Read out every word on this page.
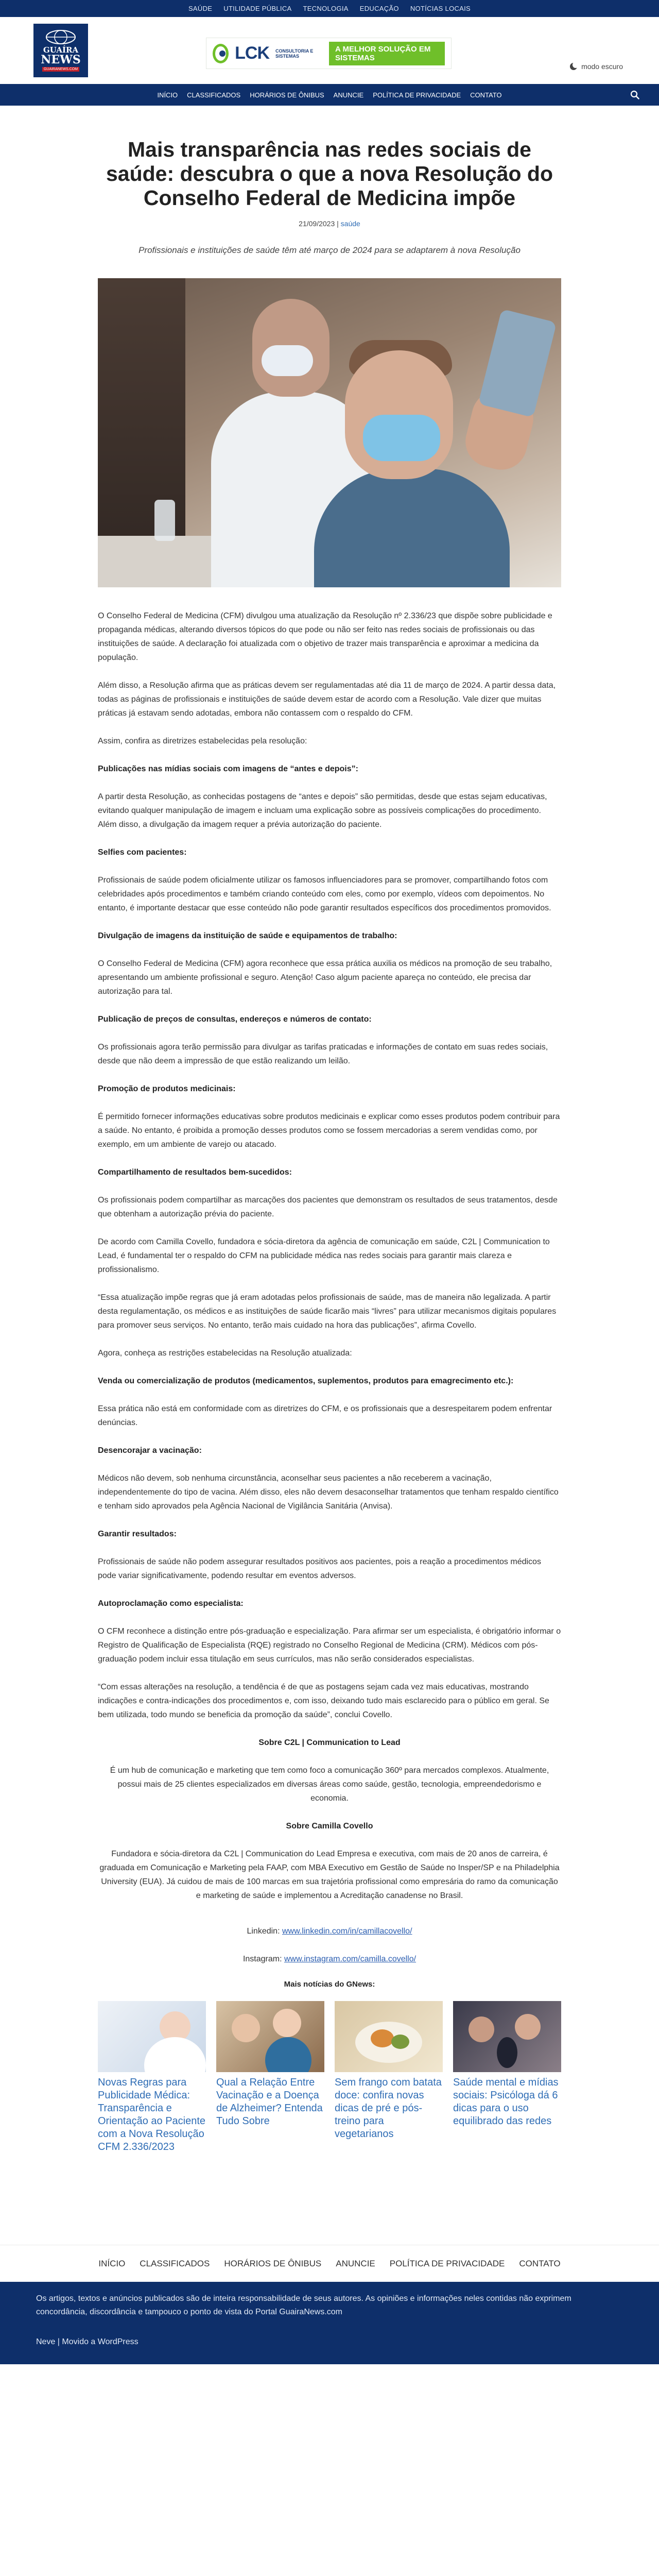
SAÚDE UTILIDADE PÚBLICA TECNOLOGIA EDUCAÇÃO NOTÍCIAS LOCAIS
GUAÍRA
NEWS
GUAIRANEWS.COM
LCK CONSULTORIA E SISTEMAS
A MELHOR SOLUÇÃO EM SISTEMAS
modo escuro
INÍCIO CLASSIFICADOS HORÁRIOS DE ÔNIBUS ANUNCIE POLÍTICA DE PRIVACIDADE CONTATO
Mais transparência nas redes sociais de saúde: descubra o que a nova Resolução do Conselho Federal de Medicina impõe
21/09/2023 | saúde

Profissionais e instituições de saúde têm até março de 2024 para se adaptarem à nova Resolução

O Conselho Federal de Medicina (CFM) divulgou uma atualização da Resolução nº 2.336/23 que dispõe sobre publicidade e propaganda médicas, alterando diversos tópicos do que pode ou não ser feito nas redes sociais de profissionais ou das instituições de saúde. A declaração foi atualizada com o objetivo de trazer mais transparência e aproximar a medicina da população.

Além disso, a Resolução afirma que as práticas devem ser regulamentadas até dia 11 de março de 2024. A partir dessa data, todas as páginas de profissionais e instituições de saúde devem estar de acordo com a Resolução. Vale dizer que muitas práticas já estavam sendo adotadas, embora não contassem com o respaldo do CFM.

Assim, confira as diretrizes estabelecidas pela resolução:

Publicações nas mídias sociais com imagens de “antes e depois”:

A partir desta Resolução, as conhecidas postagens de “antes e depois” são permitidas, desde que estas sejam educativas, evitando qualquer manipulação de imagem e incluam uma explicação sobre as possíveis complicações do procedimento. Além disso, a divulgação da imagem requer a prévia autorização do paciente.

Selfies com pacientes:

Profissionais de saúde podem oficialmente utilizar os famosos influenciadores para se promover, compartilhando fotos com celebridades após procedimentos e também criando conteúdo com eles, como por exemplo, vídeos com depoimentos. No entanto, é importante destacar que esse conteúdo não pode garantir resultados específicos dos procedimentos promovidos.

Divulgação de imagens da instituição de saúde e equipamentos de trabalho:

O Conselho Federal de Medicina (CFM) agora reconhece que essa prática auxilia os médicos na promoção de seu trabalho, apresentando um ambiente profissional e seguro. Atenção! Caso algum paciente apareça no conteúdo, ele precisa dar autorização para tal.

Publicação de preços de consultas, endereços e números de contato:

Os profissionais agora terão permissão para divulgar as tarifas praticadas e informações de contato em suas redes sociais, desde que não deem a impressão de que estão realizando um leilão.

Promoção de produtos medicinais:

É permitido fornecer informações educativas sobre produtos medicinais e explicar como esses produtos podem contribuir para a saúde. No entanto, é proibida a promoção desses produtos como se fossem mercadorias a serem vendidas como, por exemplo, em um ambiente de varejo ou atacado.

Compartilhamento de resultados bem-sucedidos:

Os profissionais podem compartilhar as marcações dos pacientes que demonstram os resultados de seus tratamentos, desde que obtenham a autorização prévia do paciente.

De acordo com Camilla Covello, fundadora e sócia-diretora da agência de comunicação em saúde, C2L | Communication to Lead, é fundamental ter o respaldo do CFM na publicidade médica nas redes sociais para garantir mais clareza e profissionalismo.

“Essa atualização impõe regras que já eram adotadas pelos profissionais de saúde, mas de maneira não legalizada. A partir desta regulamentação, os médicos e as instituições de saúde ficarão mais “livres” para utilizar mecanismos digitais populares para promover seus serviços. No entanto, terão mais cuidado na hora das publicações”, afirma Covello.

Agora, conheça as restrições estabelecidas na Resolução atualizada:

Venda ou comercialização de produtos (medicamentos, suplementos, produtos para emagrecimento etc.):

Essa prática não está em conformidade com as diretrizes do CFM, e os profissionais que a desrespeitarem podem enfrentar denúncias.

Desencorajar a vacinação:

Médicos não devem, sob nenhuma circunstância, aconselhar seus pacientes a não receberem a vacinação, independentemente do tipo de vacina. Além disso, eles não devem desaconselhar tratamentos que tenham respaldo científico e tenham sido aprovados pela Agência Nacional de Vigilância Sanitária (Anvisa).

Garantir resultados:

Profissionais de saúde não podem assegurar resultados positivos aos pacientes, pois a reação a procedimentos médicos pode variar significativamente, podendo resultar em eventos adversos.

Autoproclamação como especialista:

O CFM reconhece a distinção entre pós-graduação e especialização. Para afirmar ser um especialista, é obrigatório informar o Registro de Qualificação de Especialista (RQE) registrado no Conselho Regional de Medicina (CRM). Médicos com pós-graduação podem incluir essa titulação em seus currículos, mas não serão considerados especialistas.

“Com essas alterações na resolução, a tendência é de que as postagens sejam cada vez mais educativas, mostrando indicações e contra-indicações dos procedimentos e, com isso, deixando tudo mais esclarecido para o público em geral. Se bem utilizada, todo mundo se beneficia da promoção da saúde”, conclui Covello.

Sobre C2L | Communication to Lead

É um hub de comunicação e marketing que tem como foco a comunicação 360º para mercados complexos. Atualmente, possui mais de 25 clientes especializados em diversas áreas como saúde, gestão, tecnologia, empreendedorismo e economia.

Sobre Camilla Covello

Fundadora e sócia-diretora da C2L | Communication do Lead Empresa e executiva, com mais de 20 anos de carreira, é graduada em Comunicação e Marketing pela FAAP, com MBA Executivo em Gestão de Saúde no Insper/SP e na Philadelphia University (EUA). Já cuidou de mais de 100 marcas em sua trajetória profissional como empresária do ramo da comunicação e marketing de saúde e implementou a Acreditação canadense no Brasil.

Linkedin: www.linkedin.com/in/camillacovello/

Instagram: www.instagram.com/camilla.covello/

Mais notícias do GNews:
Novas Regras para Publicidade Médica: Transparência e Orientação ao Paciente com a Nova Resolução CFM 2.336/2023
Qual a Relação Entre Vacinação e a Doença de Alzheimer? Entenda Tudo Sobre
Sem frango com batata doce: confira novas dicas de pré e pós-treino para vegetarianos
Saúde mental e mídias sociais: Psicóloga dá 6 dicas para o uso equilibrado das redes
INÍCIO CLASSIFICADOS HORÁRIOS DE ÔNIBUS ANUNCIE POLÍTICA DE PRIVACIDADE CONTATO

Os artigos, textos e anúncios publicados são de inteira responsabilidade de seus autores. As opiniões e informações neles contidas não exprimem concordância, discordância e tampouco o ponto de vista do Portal GuairaNews.com

Neve | Movido a WordPress
